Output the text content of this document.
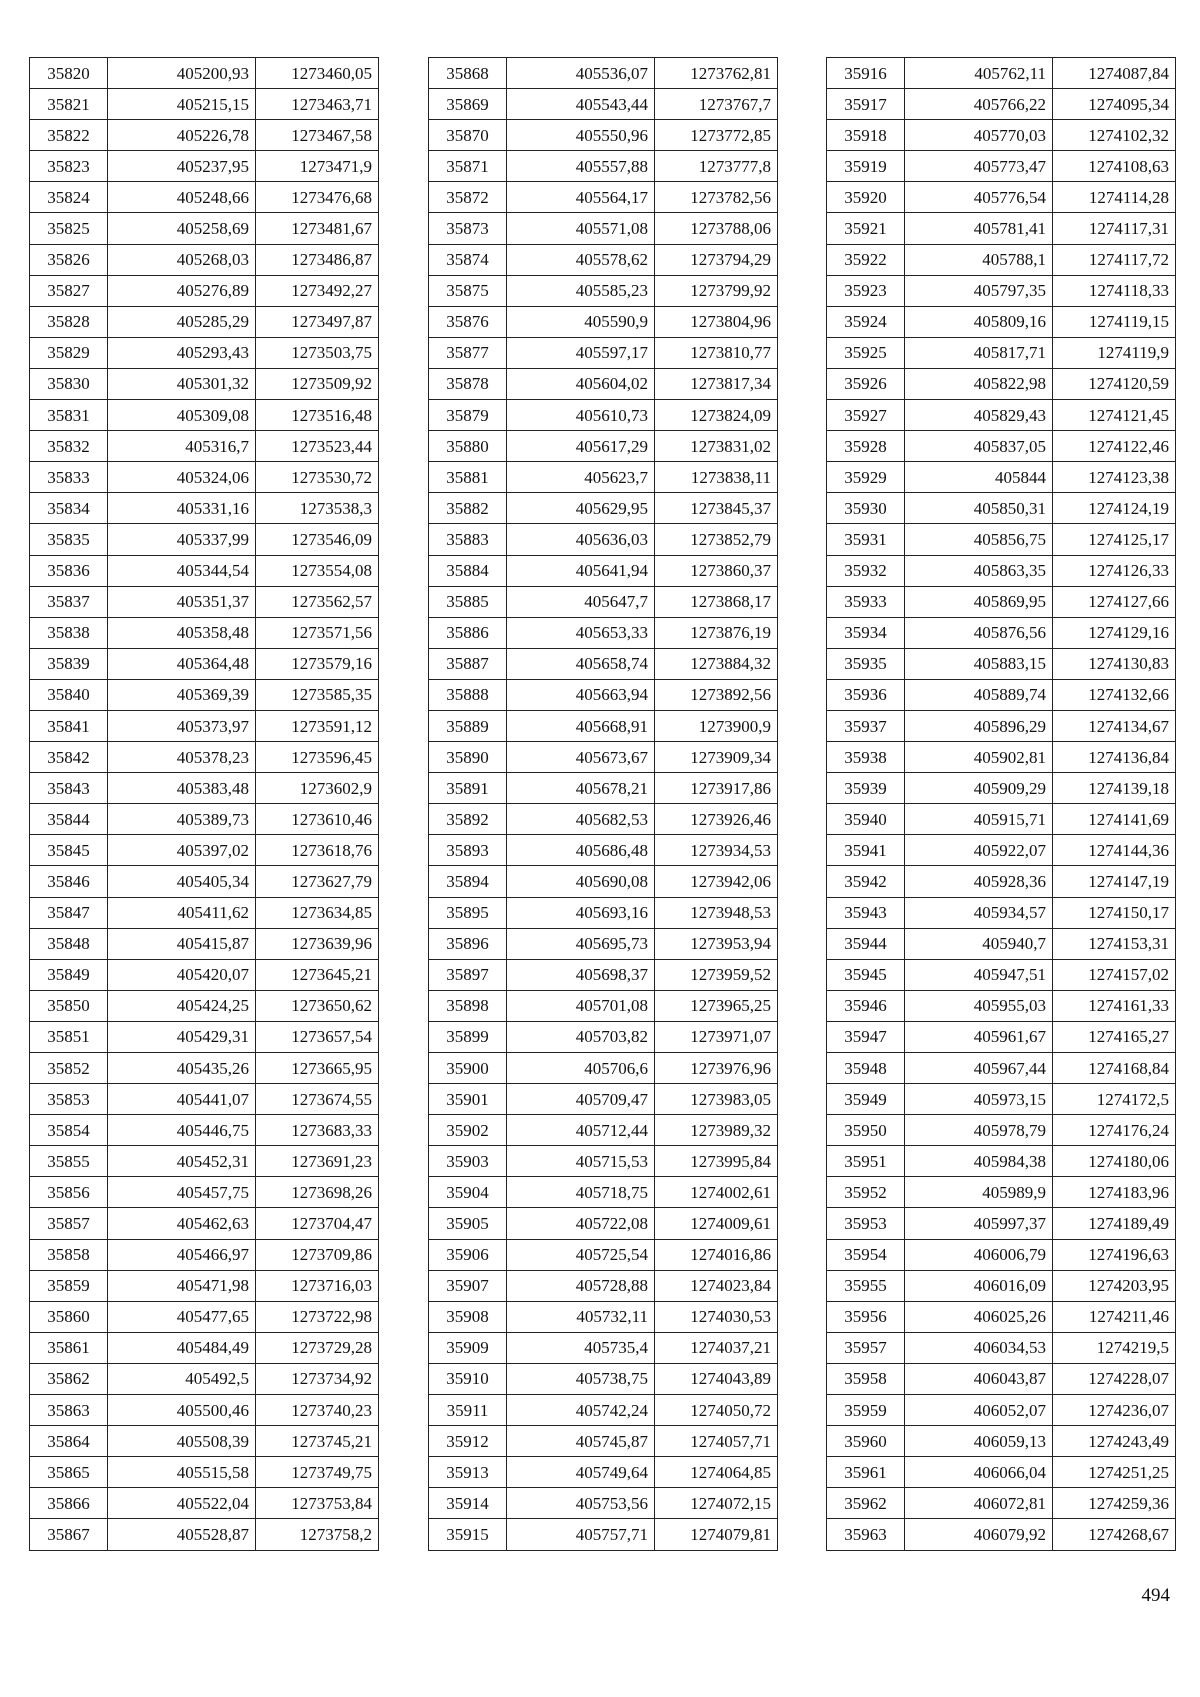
35820	405200,93	1273460,05
35821	405215,15	1273463,71
35822	405226,78	1273467,58
35823	405237,95	1273471,9
35824	405248,66	1273476,68
35825	405258,69	1273481,67
35826	405268,03	1273486,87
35827	405276,89	1273492,27
35828	405285,29	1273497,87
35829	405293,43	1273503,75
35830	405301,32	1273509,92
35831	405309,08	1273516,48
35832	405316,7	1273523,44
35833	405324,06	1273530,72
35834	405331,16	1273538,3
35835	405337,99	1273546,09
35836	405344,54	1273554,08
35837	405351,37	1273562,57
35838	405358,48	1273571,56
35839	405364,48	1273579,16
35840	405369,39	1273585,35
35841	405373,97	1273591,12
35842	405378,23	1273596,45
35843	405383,48	1273602,9
35844	405389,73	1273610,46
35845	405397,02	1273618,76
35846	405405,34	1273627,79
35847	405411,62	1273634,85
35848	405415,87	1273639,96
35849	405420,07	1273645,21
35850	405424,25	1273650,62
35851	405429,31	1273657,54
35852	405435,26	1273665,95
35853	405441,07	1273674,55
35854	405446,75	1273683,33
35855	405452,31	1273691,23
35856	405457,75	1273698,26
35857	405462,63	1273704,47
35858	405466,97	1273709,86
35859	405471,98	1273716,03
35860	405477,65	1273722,98
35861	405484,49	1273729,28
35862	405492,5	1273734,92
35863	405500,46	1273740,23
35864	405508,39	1273745,21
35865	405515,58	1273749,75
35866	405522,04	1273753,84
35867	405528,87	1273758,2
35868	405536,07	1273762,81
35869	405543,44	1273767,7
35870	405550,96	1273772,85
35871	405557,88	1273777,8
35872	405564,17	1273782,56
35873	405571,08	1273788,06
35874	405578,62	1273794,29
35875	405585,23	1273799,92
35876	405590,9	1273804,96
35877	405597,17	1273810,77
35878	405604,02	1273817,34
35879	405610,73	1273824,09
35880	405617,29	1273831,02
35881	405623,7	1273838,11
35882	405629,95	1273845,37
35883	405636,03	1273852,79
35884	405641,94	1273860,37
35885	405647,7	1273868,17
35886	405653,33	1273876,19
35887	405658,74	1273884,32
35888	405663,94	1273892,56
35889	405668,91	1273900,9
35890	405673,67	1273909,34
35891	405678,21	1273917,86
35892	405682,53	1273926,46
35893	405686,48	1273934,53
35894	405690,08	1273942,06
35895	405693,16	1273948,53
35896	405695,73	1273953,94
35897	405698,37	1273959,52
35898	405701,08	1273965,25
35899	405703,82	1273971,07
35900	405706,6	1273976,96
35901	405709,47	1273983,05
35902	405712,44	1273989,32
35903	405715,53	1273995,84
35904	405718,75	1274002,61
35905	405722,08	1274009,61
35906	405725,54	1274016,86
35907	405728,88	1274023,84
35908	405732,11	1274030,53
35909	405735,4	1274037,21
35910	405738,75	1274043,89
35911	405742,24	1274050,72
35912	405745,87	1274057,71
35913	405749,64	1274064,85
35914	405753,56	1274072,15
35915	405757,71	1274079,81
35916	405762,11	1274087,84
35917	405766,22	1274095,34
35918	405770,03	1274102,32
35919	405773,47	1274108,63
35920	405776,54	1274114,28
35921	405781,41	1274117,31
35922	405788,1	1274117,72
35923	405797,35	1274118,33
35924	405809,16	1274119,15
35925	405817,71	1274119,9
35926	405822,98	1274120,59
35927	405829,43	1274121,45
35928	405837,05	1274122,46
35929	405844	1274123,38
35930	405850,31	1274124,19
35931	405856,75	1274125,17
35932	405863,35	1274126,33
35933	405869,95	1274127,66
35934	405876,56	1274129,16
35935	405883,15	1274130,83
35936	405889,74	1274132,66
35937	405896,29	1274134,67
35938	405902,81	1274136,84
35939	405909,29	1274139,18
35940	405915,71	1274141,69
35941	405922,07	1274144,36
35942	405928,36	1274147,19
35943	405934,57	1274150,17
35944	405940,7	1274153,31
35945	405947,51	1274157,02
35946	405955,03	1274161,33
35947	405961,67	1274165,27
35948	405967,44	1274168,84
35949	405973,15	1274172,5
35950	405978,79	1274176,24
35951	405984,38	1274180,06
35952	405989,9	1274183,96
35953	405997,37	1274189,49
35954	406006,79	1274196,63
35955	406016,09	1274203,95
35956	406025,26	1274211,46
35957	406034,53	1274219,5
35958	406043,87	1274228,07
35959	406052,07	1274236,07
35960	406059,13	1274243,49
35961	406066,04	1274251,25
35962	406072,81	1274259,36
35963	406079,92	1274268,67
494
